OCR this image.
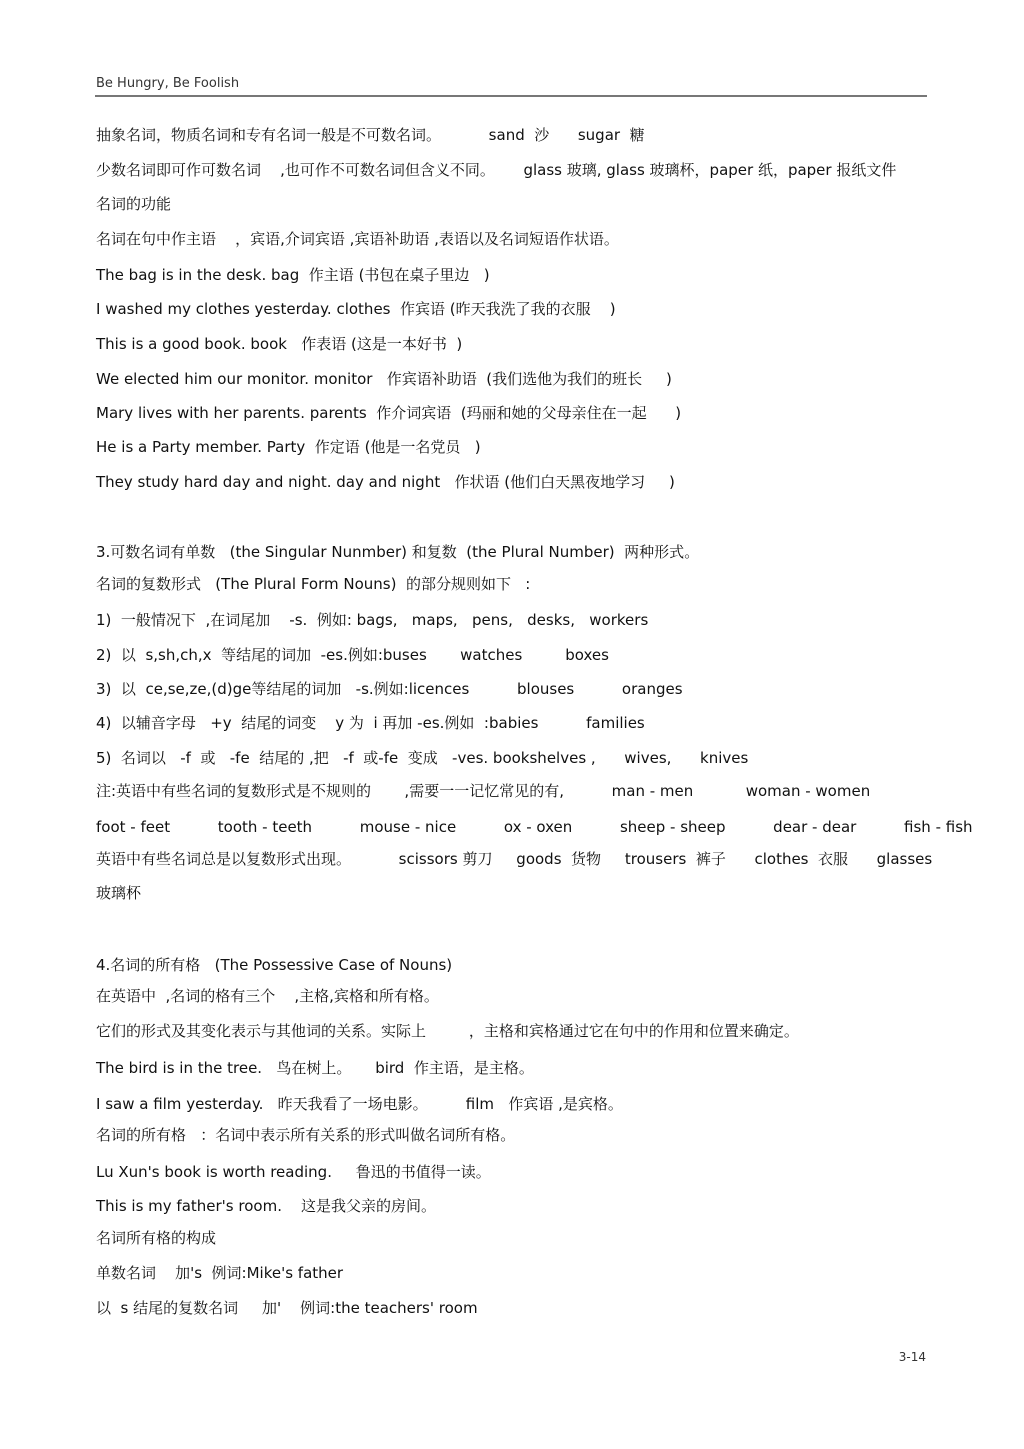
Be Hungry, Be Foolish
抽象名词，物质名词和专有名词一般是不可数名词。          sand  沙      sugar  糖
少数名词即可作可数名词    ,也可作不可数名词但含义不同。      glass 玻璃, glass 玻璃杯，paper 纸，paper 报纸文件
名词的功能
名词在句中作主语    ，宾语,介词宾语 ,宾语补助语 ,表语以及名词短语作状语。
The bag is in the desk. bag  作主语 (书包在桌子里边   )
I washed my clothes yesterday. clothes  作宾语 (昨天我洗了我的衣服    )
This is a good book. book   作表语 (这是一本好书  )
We elected him our monitor. monitor   作宾语补助语  (我们选他为我们的班长     )
Mary lives with her parents. parents  作介词宾语  (玛丽和她的父母亲住在一起      )
He is a Party member. Party  作定语 (他是一名党员   )
They study hard day and night. day and night   作状语 (他们白天黑夜地学习     )
3.可数名词有单数   (the Singular Nunmber) 和复数  (the Plural Number)  两种形式。
名词的复数形式   (The Plural Form Nouns)  的部分规则如下   :
1)  一般情况下  ,在词尾加    -s.  例如: bags,   maps,   pens,   desks,   workers
2)  以  s,sh,ch,x  等结尾的词加  -es.例如:buses       watches         boxes
3)  以  ce,se,ze,(d)ge等结尾的词加   -s.例如:licences          blouses          oranges
4)  以辅音字母   +y  结尾的词变    y 为  i 再加 -es.例如  :babies          families
5)  名词以   -f  或   -fe  结尾的 ,把   -f  或-fe  变成   -ves. bookshelves ,      wives,      knives
注:英语中有些名词的复数形式是不规则的       ,需要一一记忆常见的有,          man - men           woman - women
foot - feet          tooth - teeth          mouse - nice          ox - oxen          sheep - sheep          dear - dear          fish - fish
英语中有些名词总是以复数形式出现。          scissors 剪刀     goods  货物     trousers  裤子      clothes  衣服      glasses
玻璃杯
4.名词的所有格   (The Possessive Case of Nouns)
在英语中  ,名词的格有三个    ,主格,宾格和所有格。
它们的形式及其变化表示与其他词的关系。实际上         ，主格和宾格通过它在句中的作用和位置来确定。
The bird is in the tree.   鸟在树上。     bird  作主语，是主格。
I saw a film yesterday.   昨天我看了一场电影。        film   作宾语 ,是宾格。
名词的所有格   ：名词中表示所有关系的形式叫做名词所有格。
Lu Xun's book is worth reading.     鲁迅的书值得一读。
This is my father's room.    这是我父亲的房间。
名词所有格的构成
单数名词    加's  例词:Mike's father
以  s 结尾的复数名词     加'    例词:the teachers' room
3-14
